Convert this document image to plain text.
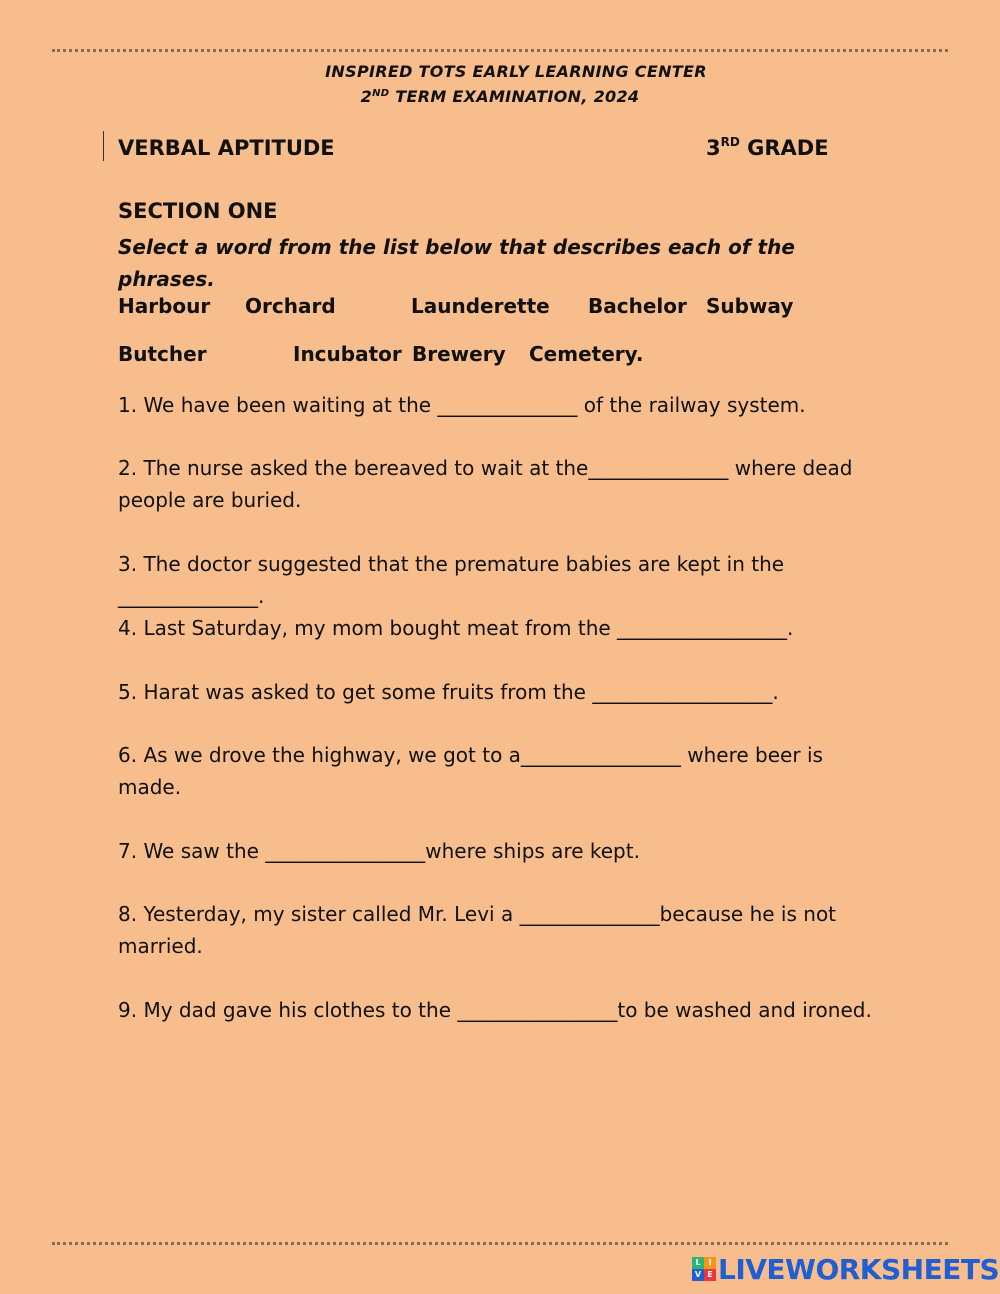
INSPIRED TOTS EARLY LEARNING CENTER
2ND TERM EXAMINATION, 2024
VERBAL APTITUDE	3RD GRADE
SECTION ONE
Select a word from the list below that describes each of the phrases.
Harbour Orchard	Launderette Bachelor Subway
Butcher	Incubator Brewery Cemetery.
1. We have been waiting at the ______________ of the railway system.
2. The nurse asked the bereaved to wait at the______________ where dead people are buried.
3. The doctor suggested that the premature babies are kept in the ______________.
4. Last Saturday, my mom bought meat from the _________________.
5. Harat was asked to get some fruits from the __________________.
6. As we drove the highway, we got to a________________ where beer is made.
7. We saw the ________________where ships are kept.
8. Yesterday, my sister called Mr. Levi a ______________because he is not married.
9. My dad gave his clothes to the ________________to be washed and ironed.
L I
V E LIVEWORKSHEETS
